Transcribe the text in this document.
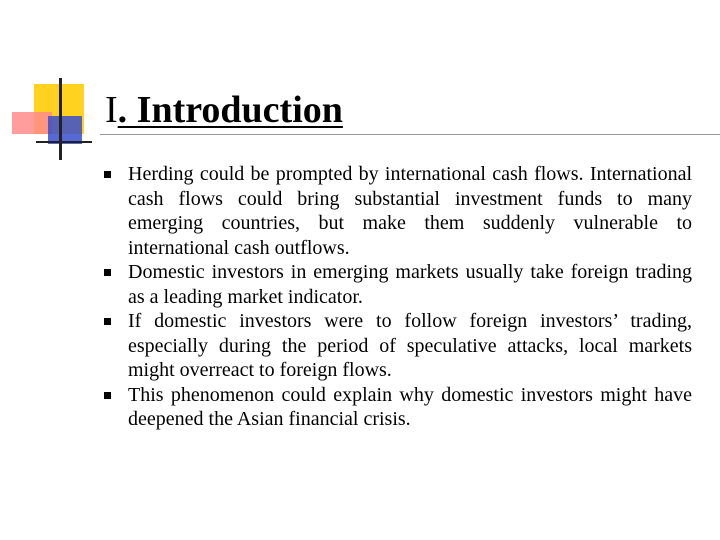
I. Introduction
Herding could be prompted by international cash flows. International cash flows could bring substantial investment funds to many emerging countries, but make them suddenly vulnerable to international cash outflows.
Domestic investors in emerging markets usually take foreign trading as a leading market indicator.
If domestic investors were to follow foreign investors’ trading, especially during the period of speculative attacks, local markets might overreact to foreign flows.
This phenomenon could explain why domestic investors might have deepened the Asian financial crisis.
